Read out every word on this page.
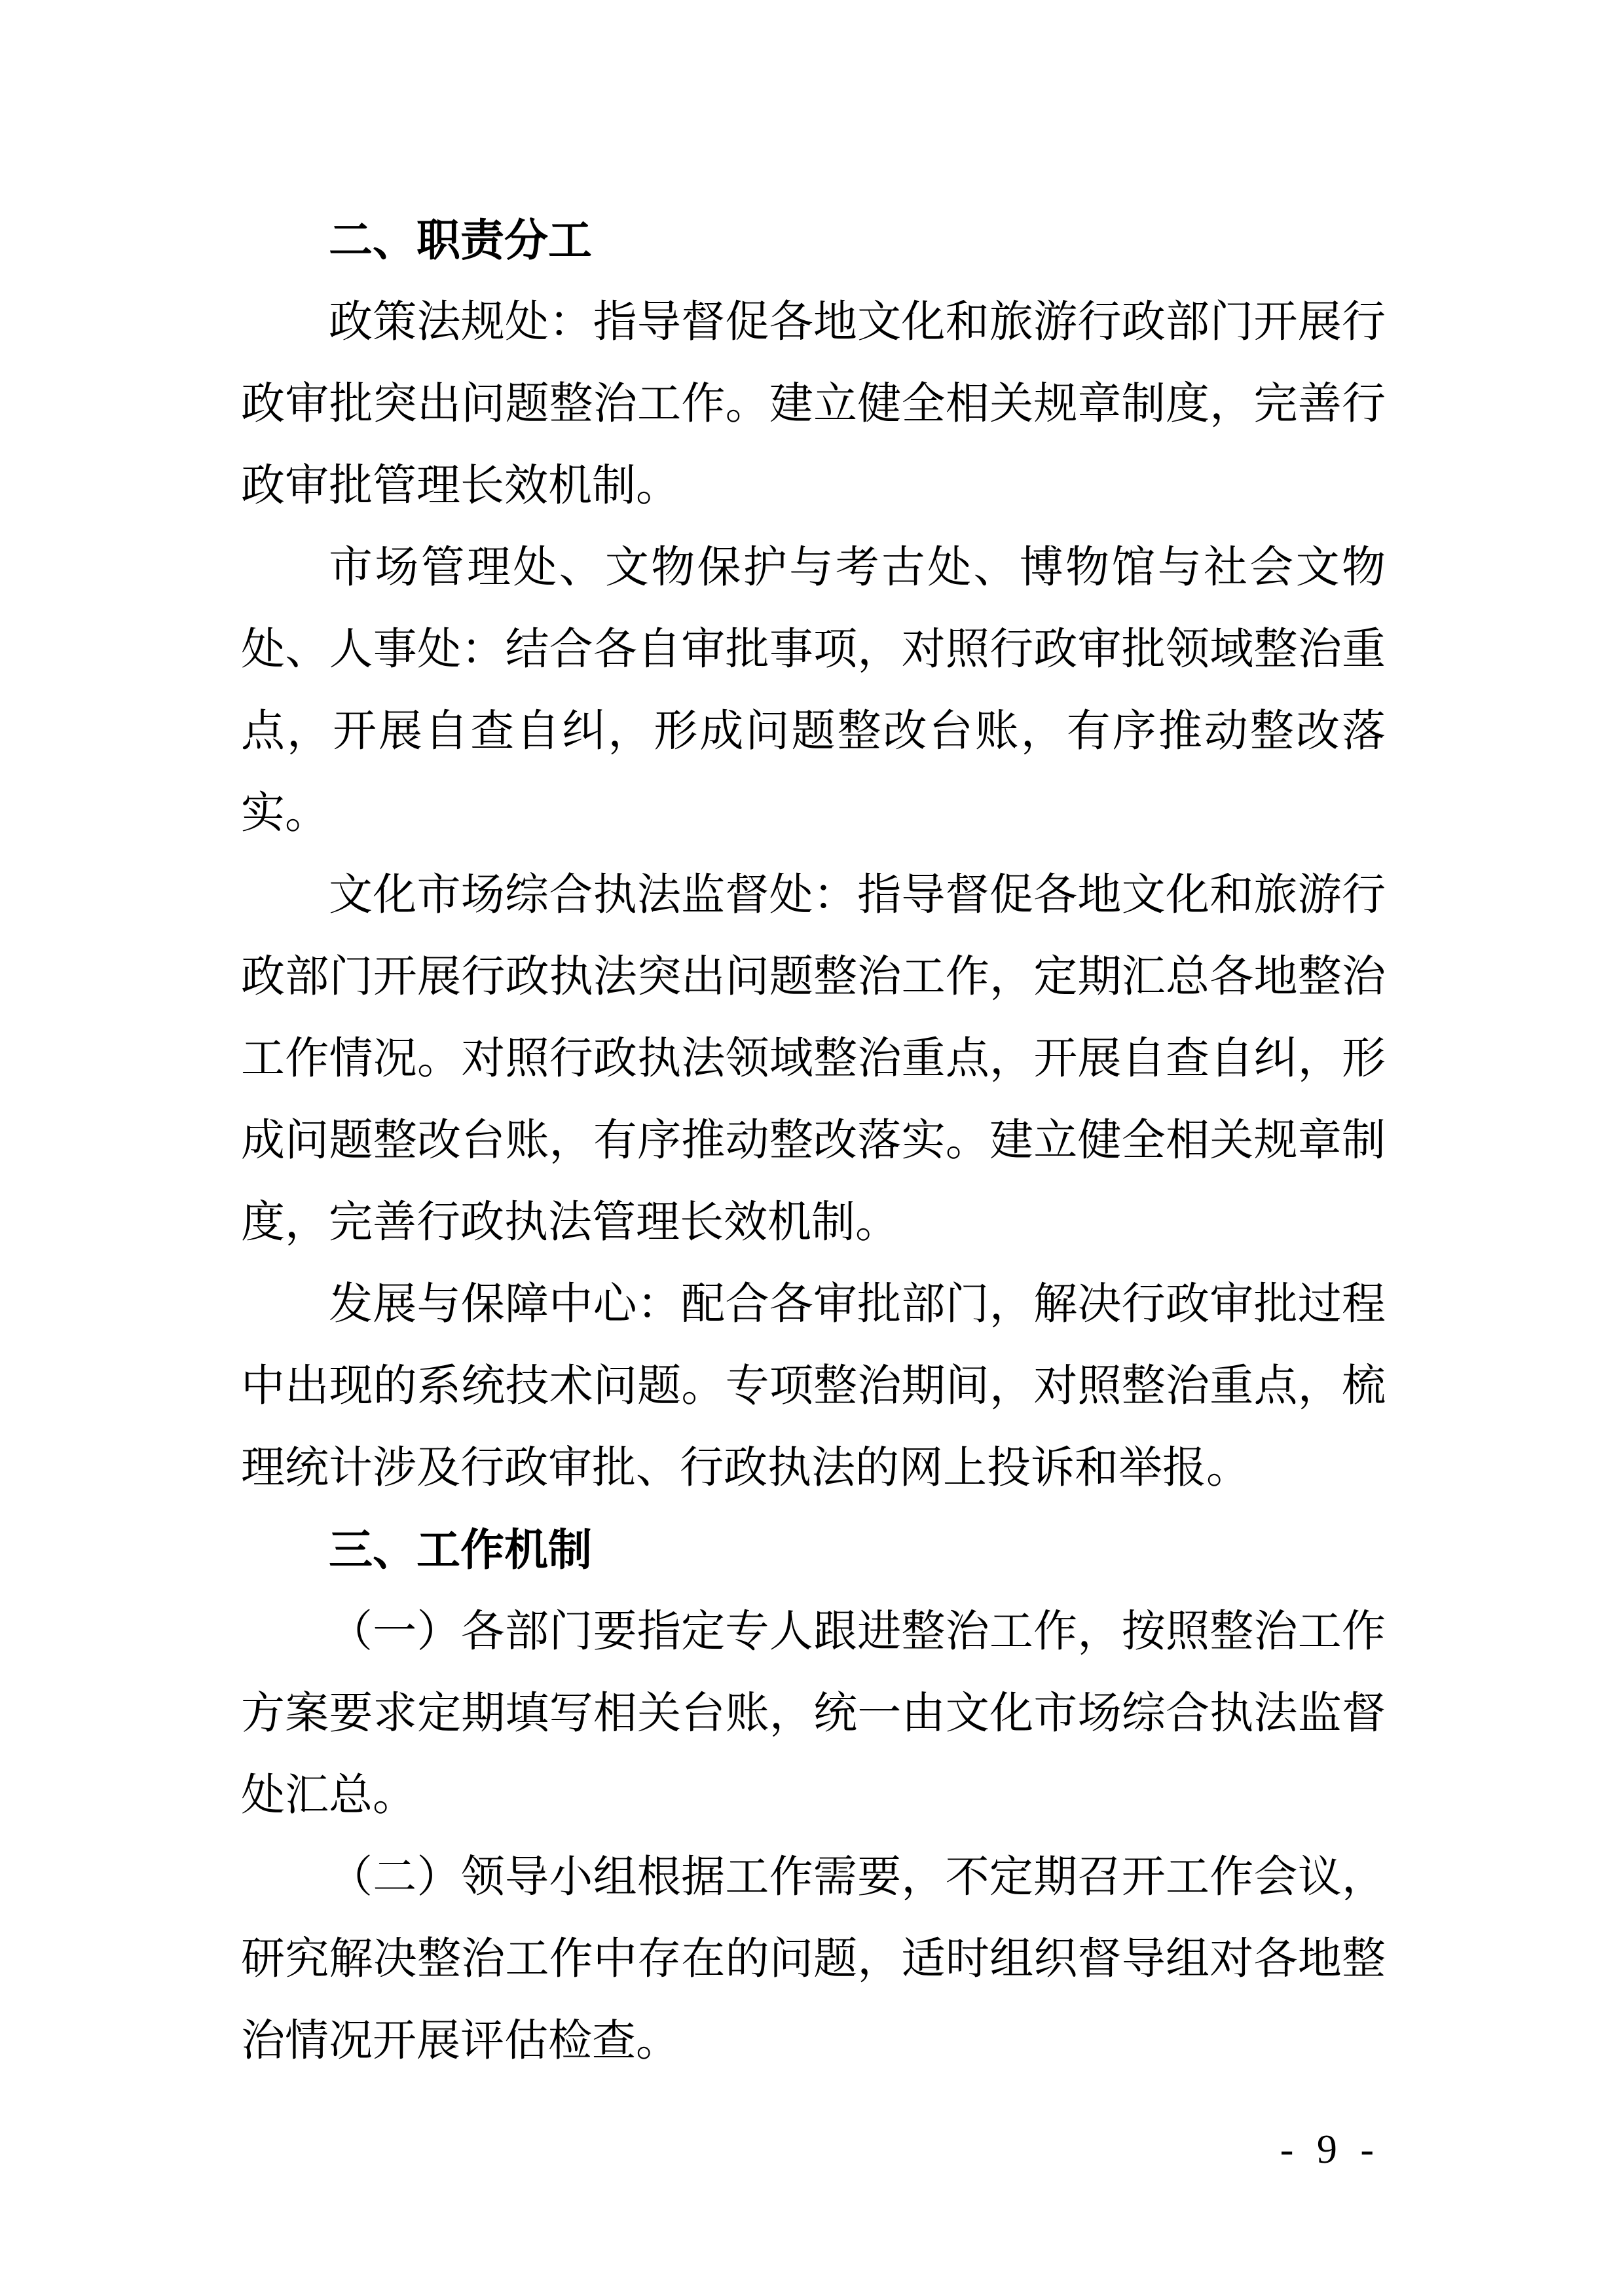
二、职责分工

政策法规处：指导督促各地文化和旅游行政部门开展行政审批突出问题整治工作。建立健全相关规章制度，完善行政审批管理长效机制。

市场管理处、文物保护与考古处、博物馆与社会文物处、人事处：结合各自审批事项，对照行政审批领域整治重点，开展自查自纠，形成问题整改台账，有序推动整改落实。

文化市场综合执法监督处：指导督促各地文化和旅游行政部门开展行政执法突出问题整治工作，定期汇总各地整治工作情况。对照行政执法领域整治重点，开展自查自纠，形成问题整改台账，有序推动整改落实。建立健全相关规章制度，完善行政执法管理长效机制。

发展与保障中心：配合各审批部门，解决行政审批过程中出现的系统技术问题。专项整治期间，对照整治重点，梳理统计涉及行政审批、行政执法的网上投诉和举报。

三、工作机制

（一）各部门要指定专人跟进整治工作，按照整治工作方案要求定期填写相关台账，统一由文化市场综合执法监督处汇总。

（二）领导小组根据工作需要，不定期召开工作会议，研究解决整治工作中存在的问题，适时组织督导组对各地整治情况开展评估检查。

- 9 -
